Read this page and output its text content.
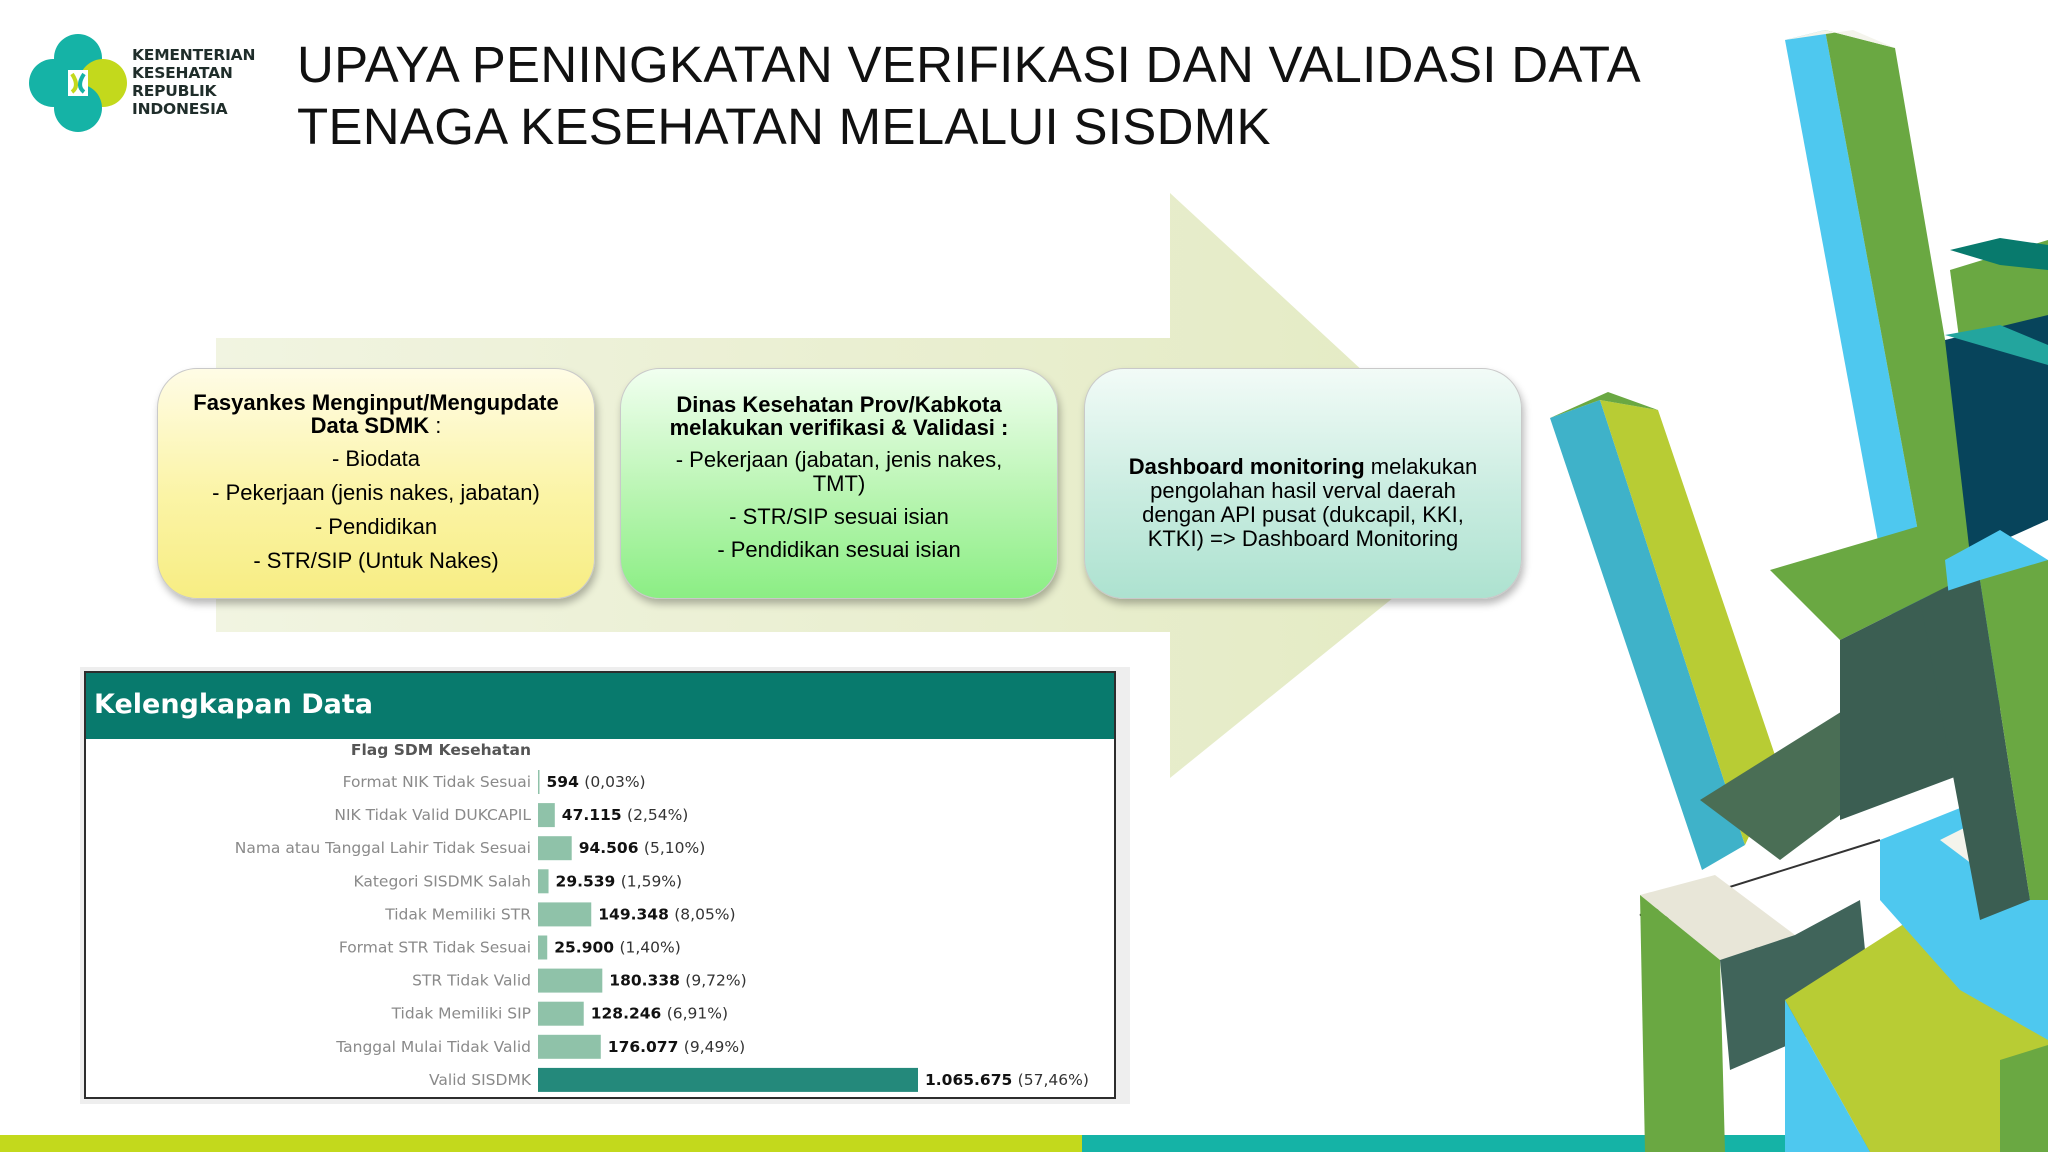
KEMENTERIAN
KESEHATAN
REPUBLIK
INDONESIA
UPAYA PENINGKATAN VERIFIKASI DAN VALIDASI DATA
TENAGA KESEHATAN MELALUI SISDMK
Fasyankes Menginput/Mengupdate
Data SDMK :
- Biodata
- Pekerjaan (jenis nakes, jabatan)
- Pendidikan
- STR/SIP (Untuk Nakes)
Dinas Kesehatan Prov/Kabkota
melakukan verifikasi & Validasi :
- Pekerjaan (jabatan, jenis nakes, TMT)
- STR/SIP sesuai isian
- Pendidikan sesuai isian
Dashboard monitoring melakukan pengolahan hasil verval daerah dengan API pusat (dukcapil, KKI, KTKI) => Dashboard Monitoring
Kelengkapan Data
Flag SDM Kesehatan
Format NIK Tidak Sesuai 594 (0,03%)
NIK Tidak Valid DUKCAPIL 47.115 (2,54%)
Nama atau Tanggal Lahir Tidak Sesuai	94.506 (5,10%)
Kategori SISDMK Salah 29.539 (1,59%)
Tidak Memiliki STR	149.348 (8,05%)
Format STR Tidak Sesuai 25.900 (1,40%)
STR Tidak Valid	180.338 (9,72%)
Tidak Memiliki SIP	128.246 (6,91%)
Tanggal Mulai Tidak Valid	176.077 (9,49%)
Valid SISDMK	1.065.675 (57,46%)
